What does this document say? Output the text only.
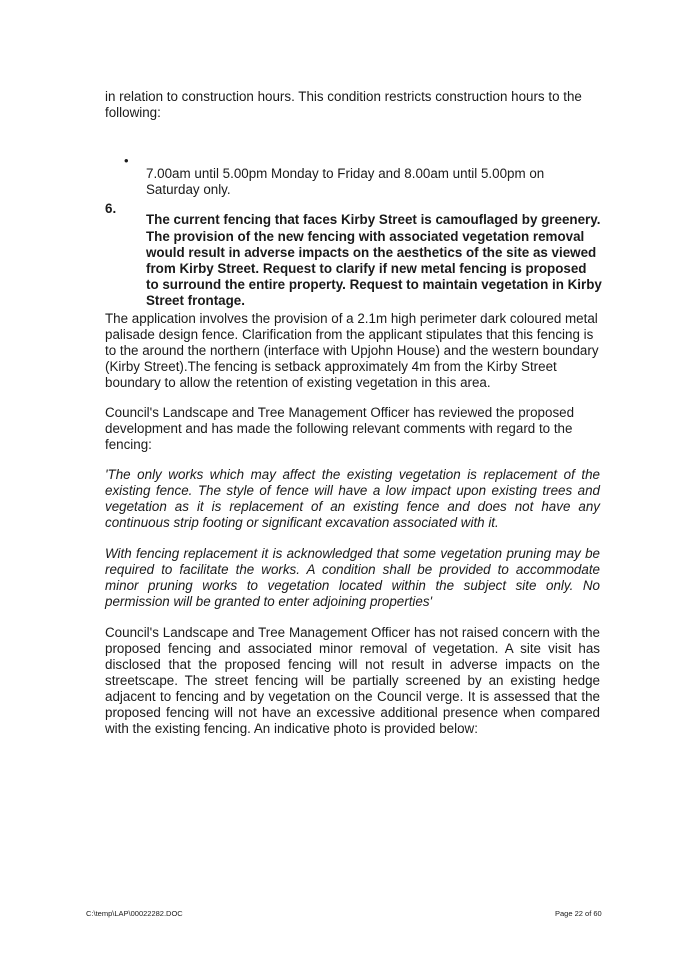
in relation to construction hours. This condition restricts construction hours to the following:

•

7.00am until 5.00pm Monday to Friday and 8.00am until 5.00pm on Saturday only.

6.

The current fencing that faces Kirby Street is camouflaged by greenery. The provision of the new fencing with associated vegetation removal would result in adverse impacts on the aesthetics of the site as viewed from Kirby Street. Request to clarify if new metal fencing is proposed to surround the entire property. Request to maintain vegetation in Kirby Street frontage.

The application involves the provision of a 2.1m high perimeter dark coloured metal palisade design fence. Clarification from the applicant stipulates that this fencing is to the around the northern (interface with Upjohn House) and the western boundary (Kirby Street).The fencing is setback approximately 4m from the Kirby Street boundary to allow the retention of existing vegetation in this area.

Council's Landscape and Tree Management Officer has reviewed the proposed development and has made the following relevant comments with regard to the fencing:

'The only works which may affect the existing vegetation is replacement of the existing fence. The style of fence will have a low impact upon existing trees and vegetation as it is replacement of an existing fence and does not have any continuous strip footing or significant excavation associated with it.

With fencing replacement it is acknowledged that some vegetation pruning may be required to facilitate the works. A condition shall be provided to accommodate minor pruning works to vegetation located within the subject site only. No permission will be granted to enter adjoining properties'

Council's Landscape and Tree Management Officer has not raised concern with the proposed fencing and associated minor removal of vegetation. A site visit has disclosed that the proposed fencing will not result in adverse impacts on the streetscape. The street fencing will be partially screened by an existing hedge adjacent to fencing and by vegetation on the Council verge. It is assessed that the proposed fencing will not have an excessive additional presence when compared with the existing fencing. An indicative photo is provided below:

C:\temp\LAP\00022282.DOC	Page 22 of 60
